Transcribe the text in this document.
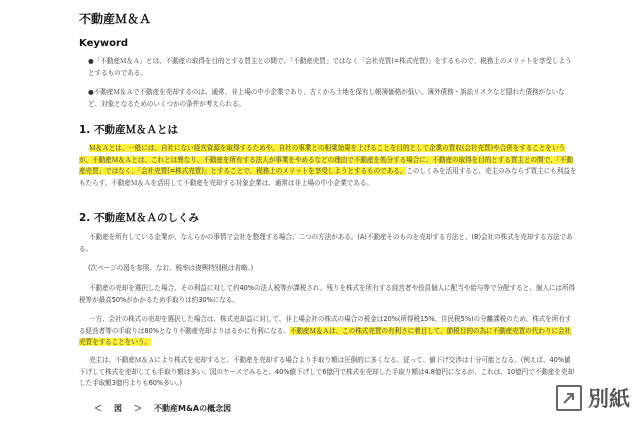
不動産Ｍ＆Ａ
Keyword

●「不動産Ｍ＆Ａ」とは、不動産の取得を目的とする買主との間で、「不動産売買」ではなく「会社売買(=株式売買)」をするもので、税務上のメリットを享受しようとするものである。

●不動産Ｍ＆Ａで不動産を売却するのは、通常、非上場の中小企業であり、古くから土地を保有し帳簿価格が低い、簿外債務・訴訟リスクなど隠れた債務がないなど、対象となるためのいくつかの条件が考えられる。

1. 不動産Ｍ＆Ａとは

Ｍ＆Ａとは、一般には、自社にない経営資源を取得するためや、自社の事業との相乗効果を上げることを目的として企業の買収(会社売買)や合併をすることをいうが、不動産Ｍ＆Ａとは、これとは異なり、不動産を所有する法人が事業をやめるなどの理由で不動産を処分する場合に、不動産の取得を目的とする買主との間で、「不動産売買」ではなく、「会社売買(=株式売買)」とすることで、税務上のメリットを享受しようとするものである。このしくみを活用すると、売主のみならず買主にも利益をもたらす。不動産Ｍ＆Ａを活用して不動産を売却する対象企業は、通常は非上場の中小企業である。

2. 不動産Ｍ＆Ａのしくみ

不動産を所有している企業が、なんらかの事情で会社を整理する場合、二つの方法がある。(A)不動産そのものを売却する方法と、(B)会社の株式を売却する方法である。

(次ページの図を参照。なお、税率は復興特別税は省略。)

不動産の売却を選択した場合、その利益に対して約40%の法人税等が課税され、残りを株式を所有する経営者や役員個人に配当や給与等で分配すると、個人には所得税等が最高50%がかかるため手取りは約30%になる。

一方、会社の株式の売却を選択した場合は、株式売却益に対して、非上場会社の株式の場合の税金は20%(所得税15%、住民税5%)の分離課税のため、株式を所有する経営者等の手取りは80%となり不動産売却よりはるかに有利になる。不動産Ｍ＆Ａは、この株式売買の有利さに着目して、節税目的の為に不動産売買の代わりに会社売買をすることをいう。

売主は、不動産Ｍ＆Ａにより株式を売却すると、不動産を売却する場合より手取り額は圧倒的に多くなる。従って、値下げ交渉は十分可能となる。(例えば、40%値下げして株式を売却しても手取り額は多い。図のケースでみると、40%値下げして6億円で株式を売却した手取り額は4.8億円になるが、これは、10億円で不動産を売却した手取額3億円よりも60%多い。)

＜ 図 ＞ 不動産M&Aの概念図	別紙
